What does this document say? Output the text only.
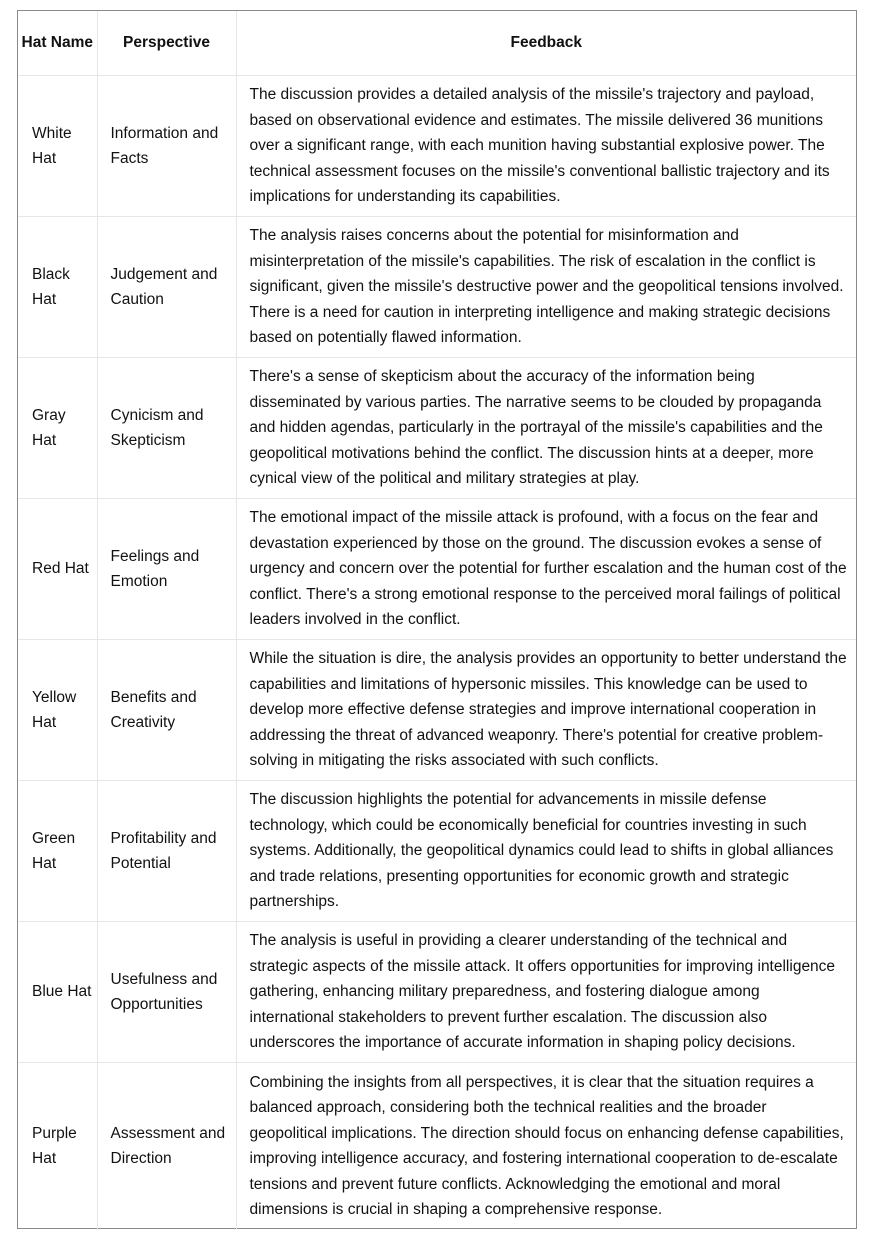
Hat Name	Perspective	Feedback
White Hat	Information and Facts	The discussion provides a detailed analysis of the missile's trajectory and payload, based on observational evidence and estimates. The missile delivered 36 munitions over a significant range, with each munition having substantial explosive power. The technical assessment focuses on the missile's conventional ballistic trajectory and its implications for understanding its capabilities.
Black Hat	Judgement and Caution	The analysis raises concerns about the potential for misinformation and misinterpretation of the missile's capabilities. The risk of escalation in the conflict is significant, given the missile's destructive power and the geopolitical tensions involved. There is a need for caution in interpreting intelligence and making strategic decisions based on potentially flawed information.
Gray Hat	Cynicism and Skepticism	There's a sense of skepticism about the accuracy of the information being disseminated by various parties. The narrative seems to be clouded by propaganda and hidden agendas, particularly in the portrayal of the missile's capabilities and the geopolitical motivations behind the conflict. The discussion hints at a deeper, more cynical view of the political and military strategies at play.
Red Hat	Feelings and Emotion	The emotional impact of the missile attack is profound, with a focus on the fear and devastation experienced by those on the ground. The discussion evokes a sense of urgency and concern over the potential for further escalation and the human cost of the conflict. There's a strong emotional response to the perceived moral failings of political leaders involved in the conflict.
Yellow Hat	Benefits and Creativity	While the situation is dire, the analysis provides an opportunity to better understand the capabilities and limitations of hypersonic missiles. This knowledge can be used to develop more effective defense strategies and improve international cooperation in addressing the threat of advanced weaponry. There's potential for creative problem-solving in mitigating the risks associated with such conflicts.
Green Hat	Profitability and Potential	The discussion highlights the potential for advancements in missile defense technology, which could be economically beneficial for countries investing in such systems. Additionally, the geopolitical dynamics could lead to shifts in global alliances and trade relations, presenting opportunities for economic growth and strategic partnerships.
Blue Hat	Usefulness and Opportunities	The analysis is useful in providing a clearer understanding of the technical and strategic aspects of the missile attack. It offers opportunities for improving intelligence gathering, enhancing military preparedness, and fostering dialogue among international stakeholders to prevent further escalation. The discussion also underscores the importance of accurate information in shaping policy decisions.
Purple Hat	Assessment and Direction	Combining the insights from all perspectives, it is clear that the situation requires a balanced approach, considering both the technical realities and the broader geopolitical implications. The direction should focus on enhancing defense capabilities, improving intelligence accuracy, and fostering international cooperation to de-escalate tensions and prevent future conflicts. Acknowledging the emotional and moral dimensions is crucial in shaping a comprehensive response.
